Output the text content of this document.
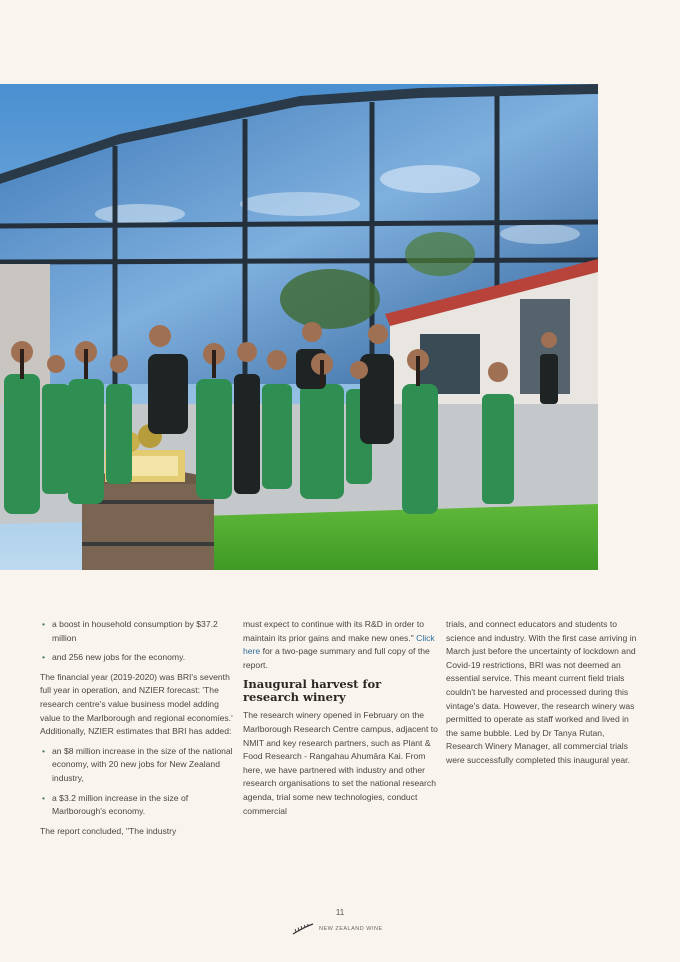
• a boost in household consumption by $37.2 million
• and 256 new jobs for the economy.

The financial year (2019-2020) was BRI's seventh full year in operation, and NZIER forecast: 'The research centre's value business model adding value to the Marlborough and regional economies.' Additionally, NZIER estimates that BRI has added:

• an $8 million increase in the size of the national economy, with 20 new jobs for New Zealand industry,
• a $3.2 million increase in the size of Marlborough's economy.

The report concluded, "The industry

must expect to continue with its R&D in order to maintain its prior gains and make new ones." Click here for a two-page summary and full copy of the report.

Inaugural harvest for research winery

The research winery opened in February on the Marlborough Research Centre campus, adjacent to NMIT and key research partners, such as Plant & Food Research - Rangahau Ahumāra Kai. From here, we have partnered with industry and other research organisations to set the national research agenda, trial some new technologies, conduct commercial

trials, and connect educators and students to science and industry. With the first case arriving in March just before the uncertainty of lockdown and Covid-19 restrictions, BRI was not deemed an essential service. This meant current field trials couldn't be harvested and processed during this vintage's data. However, the research winery was permitted to operate as staff worked and lived in the same bubble. Led by Dr Tanya Rutan, Research Winery Manager, all commercial trials were successfully completed this inaugural year.

11
NEW ZEALAND WINE
